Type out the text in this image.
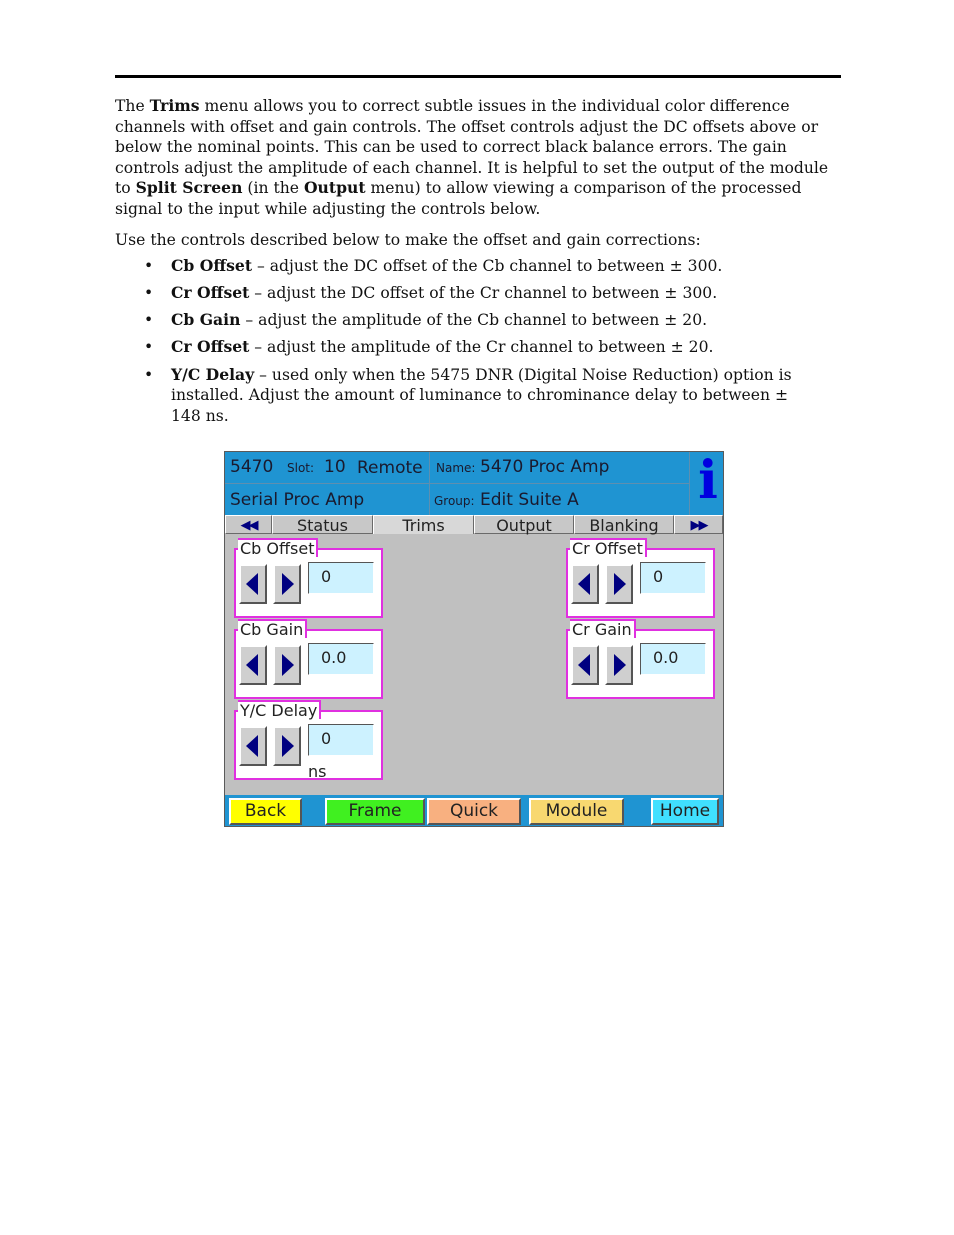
The Trims menu allows you to correct subtle issues in the individual color difference channels with offset and gain controls. The offset controls adjust the DC offsets above or below the nominal points. This can be used to correct black balance errors. The gain controls adjust the amplitude of each channel. It is helpful to set the output of the module to Split Screen (in the Output menu) to allow viewing a comparison of the processed signal to the input while adjusting the controls below.

Use the controls described below to make the offset and gain corrections:

• Cb Offset – adjust the DC offset of the Cb channel to between ± 300.
• Cr Offset – adjust the DC offset of the Cr channel to between ± 300.
• Cb Gain – adjust the amplitude of the Cb channel to between ± 20.
• Cr Offset – adjust the amplitude of the Cr channel to between ± 20.
• Y/C Delay – used only when the 5475 DNR (Digital Noise Reduction) option is installed. Adjust the amount of luminance to chrominance delay to between ± 148 ns.
5470 Slot: 10 Remote Name: 5470 Proc Amp
Serial Proc Amp	Group: Edit Suite A i
◀◀	Status	Trims	Output	Blanking	▶▶
Cb Offset
0
Cr Offset
0
Cb Gain
0.0
Cr Gain
0.0
Y/C Delay
0
ns
Back	Frame	Quick	Module	Home
